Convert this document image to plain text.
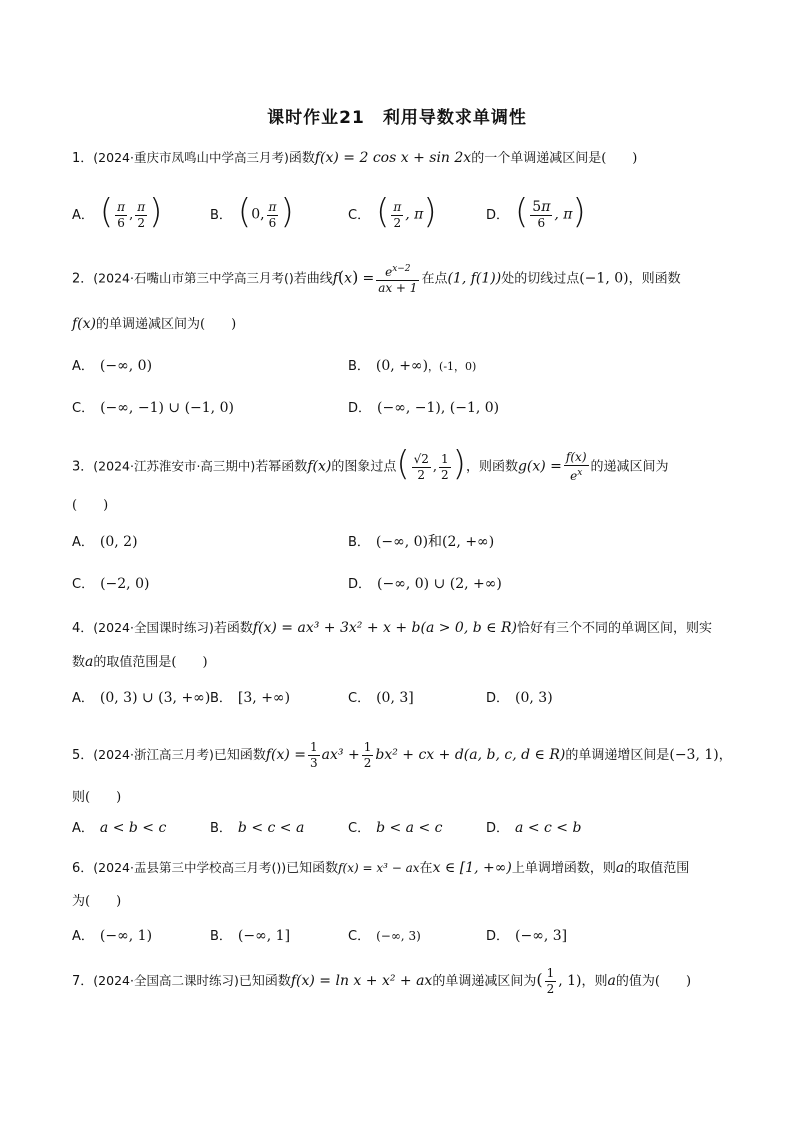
课时作业21　利用导数求单调性
1．(2024·重庆市凤鸣山中学高三月考)函数f(x) = 2 cos x + sin 2x的一个单调递减区间是(　　)
A． ( $\frac{\pi}{6}$ , $\frac{\pi}{2}$ )	B． (0, $\frac{\pi}{6}$ )	C． ( $\frac{\pi}{2}$ , π)	D． ( $\frac{5\pi}{6}$ , π)
2．(2024·石嘴山市第三中学高三月考()若曲线$f(x) = \frac{e^{x-2}}{ax + 1}$ 在点(1, f(1))处的切线过点(−1, 0)，则函数
f(x)的单调递减区间为(　　)
A． (−∞, 0)	B． (0, +∞)，(-1，0)
C． (−∞, −1) ∪ (−1, 0)	D． (−∞, −1), (−1, 0)
3．(2024·江苏淮安市·高三期中)若幂函数f(x)的图象过点( $\frac{√2}{2}$ , $\frac{1}{2}$ )，则函数$g(x) = \frac{f(x)}{e^x}$ 的递减区间为
(　　)
A． (0, 2)	B． (−∞, 0)和(2, +∞)
C． (−2, 0)	D． (−∞, 0) ∪ (2, +∞)
4．(2024·全国课时练习)若函数f(x) = ax³ + 3x² + x + b(a > 0, b ∈ R)恰好有三个不同的单调区间，则实
数a的取值范围是(　　)
A． (0, 3) ∪ (3, +∞) B． [3, +∞)	C． (0, 3]	D． (0, 3)
5．(2024·浙江高三月考)已知函数$f(x) = \frac{1}{3} ax^3 + \frac{1}{2} bx^2$ + cx + d(a, b, c, d ∈ R)的单调递增区间是(−3, 1)，
则(　　)
A． a < b < c	B． b < c < a	C． b < a < c	D． a < c < b
6．(2024·盂县第三中学校高三月考())已知函数f(x) = x³ − ax在x ∈ [1, +∞)上单调增函数，则a的取值范围
为(　　)
A． (−∞, 1)	B． (−∞, 1]	C． (−∞, 3)	D． (−∞, 3]
7．(2024·全国高二课时练习)已知函数f(x) = ln x + x² + ax的单调递减区间为( $\frac{1}{2}$ , 1)，则a的值为(　　)
